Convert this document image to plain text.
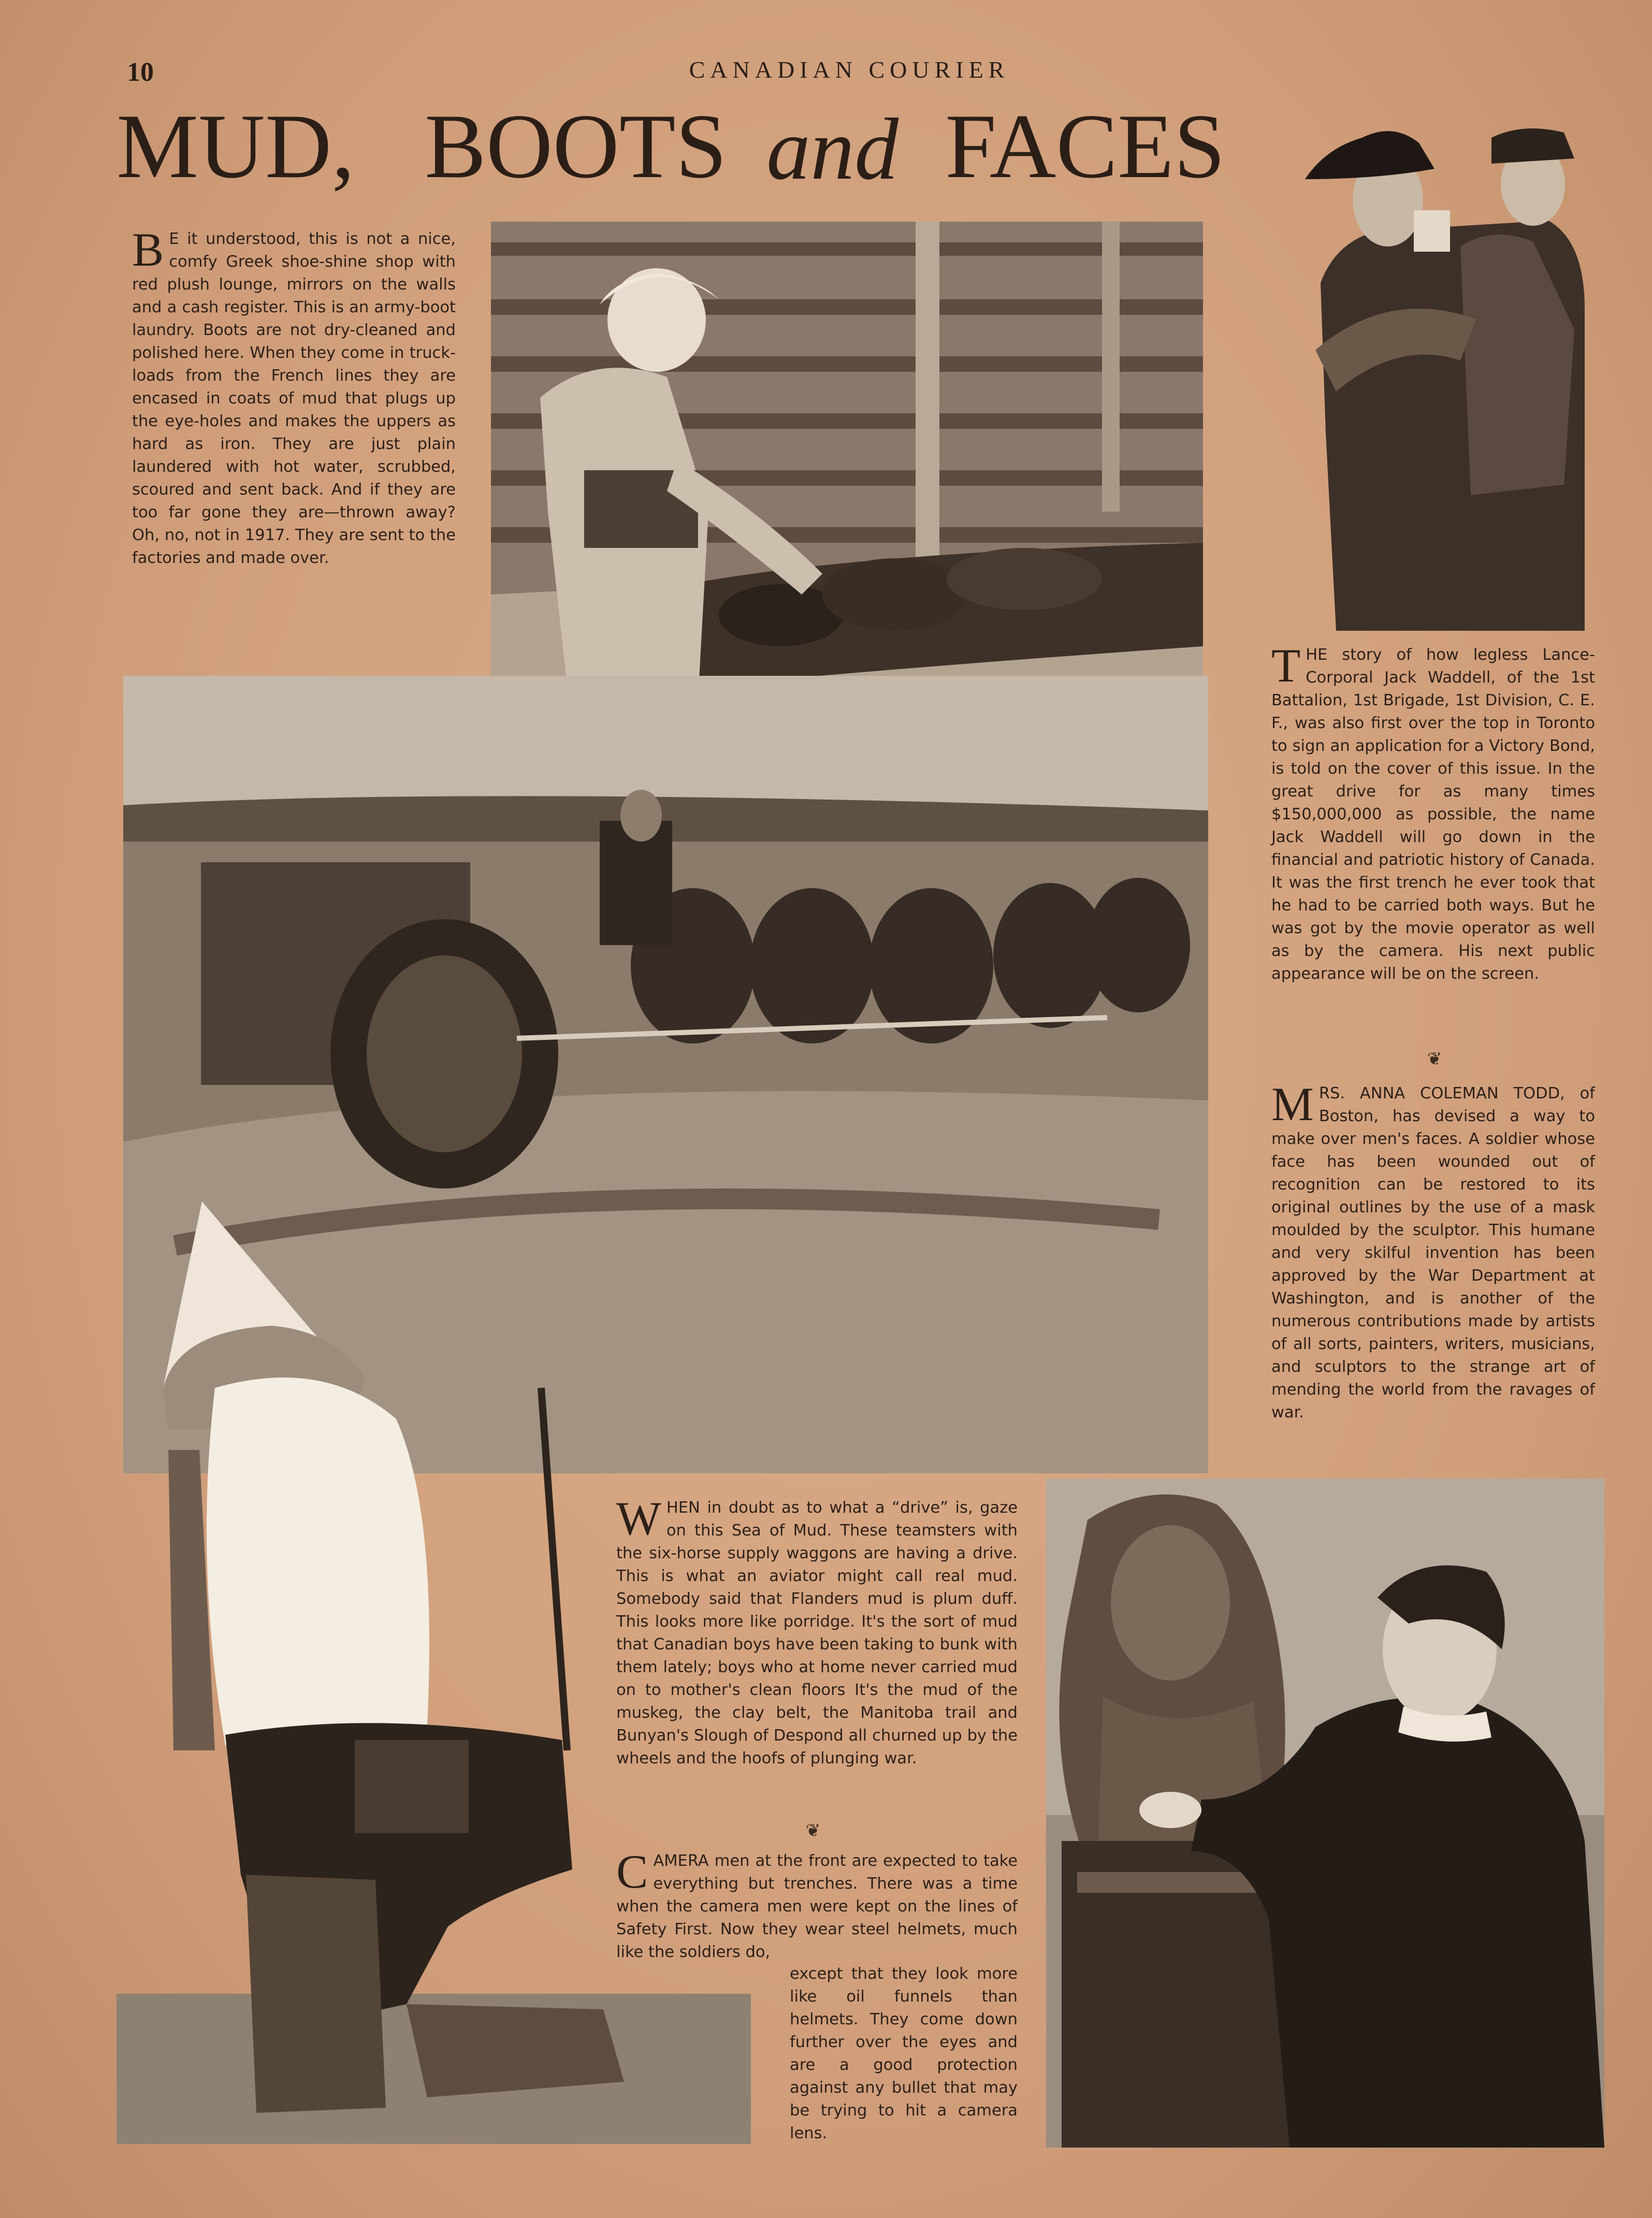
10	CANADIAN COURIER
MUD, BOOTS and FACES
B E it understood, this is not a nice, comfy Greek shoe-shine shop with red plush lounge, mirrors on the walls and a cash register. This is an army-boot laundry. Boots are not dry-cleaned and polished here. When they come in truck-loads from the French lines they are encased in coats of mud that plugs up the eye-holes and makes the uppers as hard as iron. They are just plain laundered with hot water, scrubbed, scoured and sent back. And if they are too far gone they are—thrown away? Oh, no, not in 1917. They are sent to the factories and made over.
T HE story of how legless Lance-Corporal Jack Waddell, of the 1st Battalion, 1st Brigade, 1st Division, C. E. F., was also first over the top in Toronto to sign an application for a Victory Bond, is told on the cover of this issue. In the great drive for as many times $150,000,000 as possible, the name Jack Waddell will go down in the financial and patriotic history of Canada. It was the first trench he ever took that he had to be carried both ways. But he was got by the movie operator as well as by the camera. His next public appearance will be on the screen.
❦
M RS. ANNA COLEMAN TODD, of Boston, has devised a way to make over men's faces. A soldier whose face has been wounded out of recognition can be restored to its original outlines by the use of a mask moulded by the sculptor. This humane and very skilful invention has been approved by the War Department at Washington, and is another of the numerous contributions made by artists of all sorts, painters, writers, musicians, and sculptors to the strange art of mending the world from the ravages of war.
W HEN in doubt as to what a “drive” is, gaze on this Sea of Mud. These teamsters with the six-horse supply waggons are having a drive. This is what an aviator might call real mud. Somebody said that Flanders mud is plum duff. This looks more like porridge. It's the sort of mud that Canadian boys have been taking to bunk with them lately; boys who at home never carried mud on to mother's clean floors It's the mud of the muskeg, the clay belt, the Manitoba trail and Bunyan's Slough of Despond all churned up by the wheels and the hoofs of plunging war.
❦
C AMERA men at the front are expected to take everything but trenches. There was a time when the camera men were kept on the lines of Safety First. Now they wear steel helmets, much like the soldiers do,
except that they look more like oil funnels than helmets. They come down further over the eyes and are a good protection against any bullet that may be trying to hit a camera lens.
